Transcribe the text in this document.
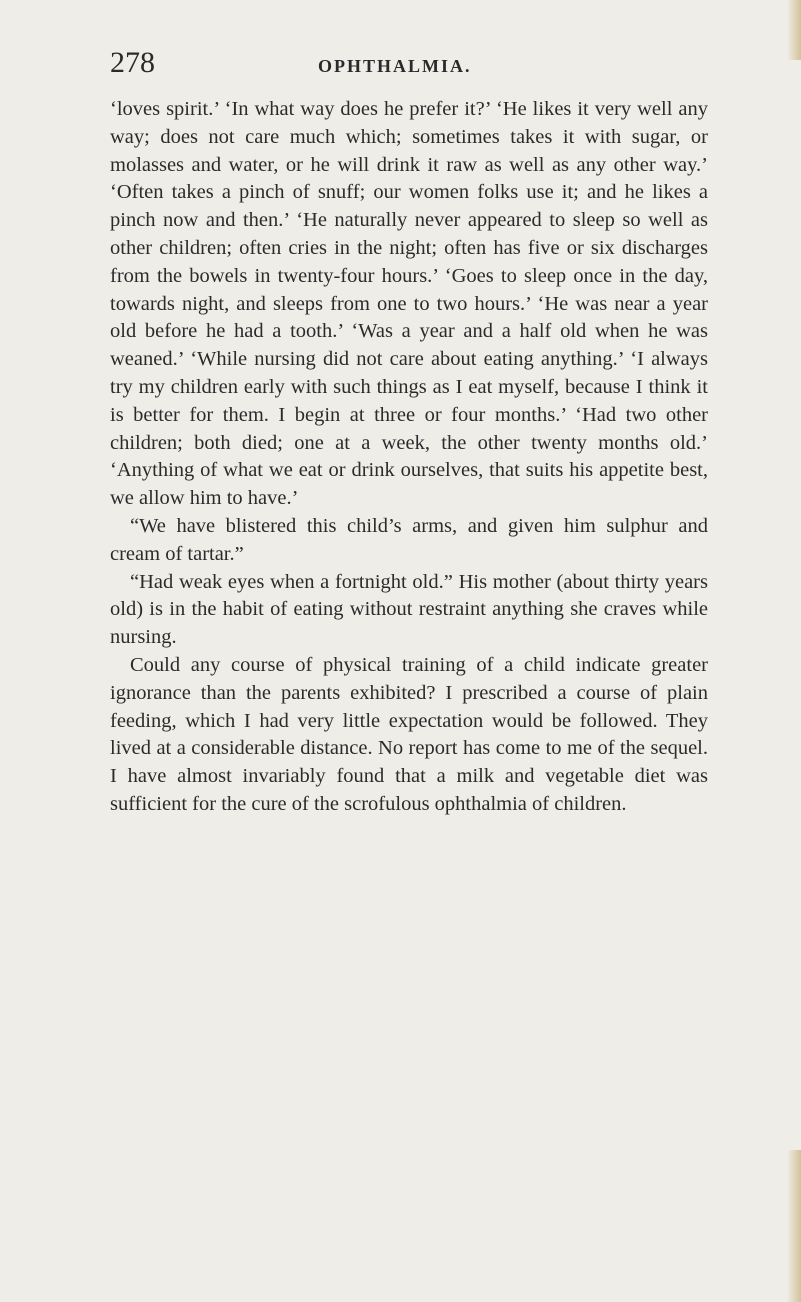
278	OPHTHALMIA.

‘loves spirit.’ ‘In what way does he prefer it?’ ‘He likes it very well any way; does not care much which; sometimes takes it with sugar, or molasses and water, or he will drink it raw as well as any other way.’ ‘Often takes a pinch of snuff; our women folks use it; and he likes a pinch now and then.’ ‘He naturally never appeared to sleep so well as other children; often cries in the night; often has five or six discharges from the bowels in twenty-four hours.’ ‘Goes to sleep once in the day, towards night, and sleeps from one to two hours.’ ‘He was near a year old before he had a tooth.’ ‘Was a year and a half old when he was weaned.’ ‘While nursing did not care about eating anything.’ ‘I always try my children early with such things as I eat myself, because I think it is better for them. I begin at three or four months.’ ‘Had two other children; both died; one at a week, the other twenty months old.’ ‘Anything of what we eat or drink ourselves, that suits his appetite best, we allow him to have.’

“We have blistered this child’s arms, and given him sulphur and cream of tartar.”

“Had weak eyes when a fortnight old.” His mother (about thirty years old) is in the habit of eating without restraint anything she craves while nursing.

Could any course of physical training of a child indicate greater ignorance than the parents exhibited? I prescribed a course of plain feeding, which I had very little expectation would be followed. They lived at a considerable distance. No report has come to me of the sequel. I have almost invariably found that a milk and vegetable diet was sufficient for the cure of the scrofulous ophthalmia of children.
